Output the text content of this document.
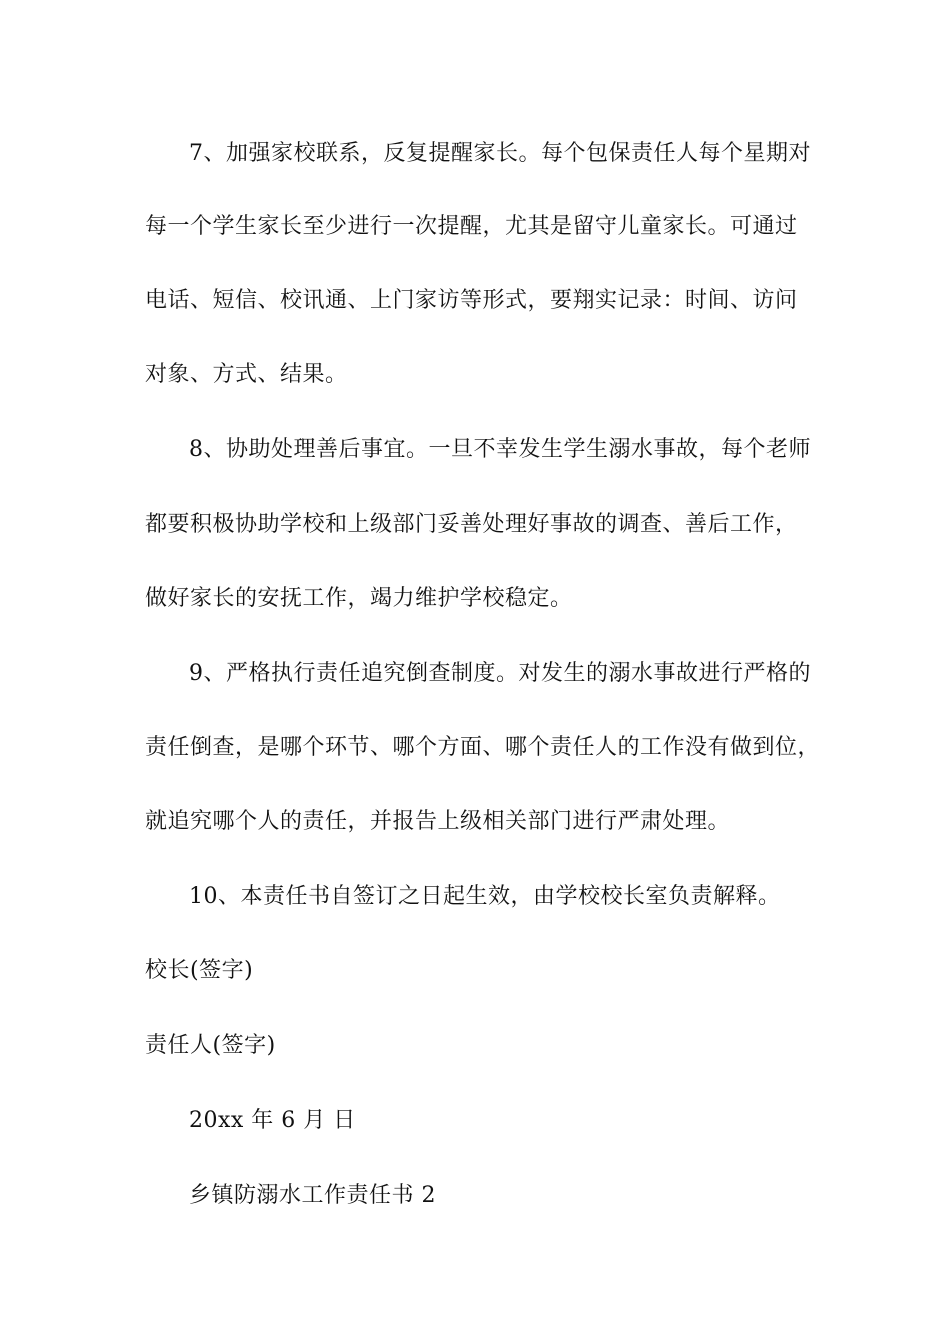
7、加强家校联系，反复提醒家长。每个包保责任人每个星期对
每一个学生家长至少进行一次提醒，尤其是留守儿童家长。可通过
电话、短信、校讯通、上门家访等形式，要翔实记录：时间、访问
对象、方式、结果。
8、协助处理善后事宜。一旦不幸发生学生溺水事故，每个老师
都要积极协助学校和上级部门妥善处理好事故的调查、善后工作，
做好家长的安抚工作，竭力维护学校稳定。
9、严格执行责任追究倒查制度。对发生的溺水事故进行严格的
责任倒查，是哪个环节、哪个方面、哪个责任人的工作没有做到位，
就追究哪个人的责任，并报告上级相关部门进行严肃处理。
10、本责任书自签订之日起生效，由学校校长室负责解释。
校长(签字)
责任人(签字)
20xx 年 6 月 日
乡镇防溺水工作责任书 2
